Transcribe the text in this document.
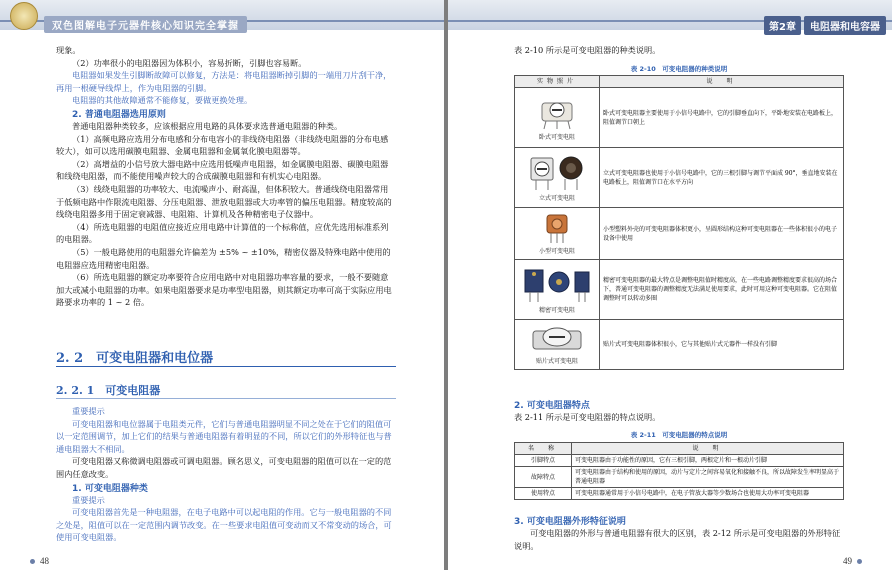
双色图解电子元器件核心知识完全掌握

现象。

（2）功率很小的电阻器因为体积小，容易折断，引脚也容易断。

电阻器如果发生引脚断故障可以修复，方法是：将电阻器断掉引脚的一端用刀片刮干净，再用一根硬导线焊上，作为电阻器的引脚。

电阻器的其他故障通常不能修复，要做更换处理。

2. 普通电阻器选用原则

普通电阻器种类较多，应该根据应用电路的具体要求选普通电阻器的种类。

（1）高频电路应选用分布电感和分布电容小的非线绕电阻器（非线绕电阻器的分布电感较大），如可以选用碳膜电阻器、金属电阻器和金属氧化膜电阻器等。

（2）高增益的小信号放大器电路中应选用低噪声电阻器，如金属膜电阻器、碳膜电阻器和线绕电阻器，而不能使用噪声较大的合成碳膜电阻器和有机实心电阻器。

（3）线绕电阻器的功率较大、电流噪声小、耐高温，但体积较大。普通线绕电阻器常用于低频电路中作限流电阻器、分压电阻器、泄放电阻器或大功率管的偏压电阻器。精度较高的线绕电阻器多用于固定衰减器、电阻箱、计算机及各种精密电子仪器中。

（4）所选电阻器的电阻值应接近应用电路中计算值的一个标称值，应优先选用标准系列的电阻器。

（5）一般电路使用的电阻器允许偏差为 ±5% ~ ±10%，精密仪器及特殊电路中使用的电阻器应选用精密电阻器。

（6）所选电阻器的额定功率要符合应用电路中对电阻器功率容量的要求，一般不要随意加大或减小电阻器的功率。如果电阻器要求是功率型电阻器，则其额定功率可高于实际应用电路要求功率的 1 ~ 2 倍。

2. 2　可变电阻器和电位器
2. 2. 1　可变电阻器

重要提示

可变电阻器和电位器属于电阻类元件，它们与普通电阻器明显不同之处在于它们的阻值可以一定范围调节，加上它们的结果与普通电阻器有着明显的不同，所以它们的外形特征也与普通电阻器大不相同。

可变电阻器又称微调电阻器或可调电阻器。顾名思义，可变电阻器的阻值可以在一定的范围内任意改变。

1. 可变电阻器种类

重要提示

可变电阻器首先是一种电阻器，在电子电路中可以起电阻的作用。它与一般电阻器的不同之处是，阻值可以在一定范围内调节改变。在一些要求电阻值可变动而又不常变动的场合，可使用可变电阻器。

48
第2章	电阻器和电容器

表 2-10 所示是可变电阻器的种类说明。

表 2-10　可变电阻器的种类说明
实物照片	说　明

卧式可变电阻	卧式可变电阻器主要使用于小信号电路中，它的引脚垂直向下，平卧地安装在电路板上，阻值调节口朝上

立式可变电阻	立式可变电阻器也使用于小信号电路中，它的三根引脚与调节平面成 90°，垂直地安装在电路板上，阻值调节口在水平方向

小型可变电阻	小型塑料外壳的可变电阻器体积更小，呈圆形结构这种可变电阻器在一些体积很小的电子设备中使用

精密可变电阻	精密可变电阻器的最大特点是调整电阻值时精度高，在一些电路调整精度要求很高的场合下，普通可变电阻器的调整精度无法满足使用要求，此时可用这种可变电阻器。它在阻值调整时可以转动多圈

贴片式可变电阻	贴片式可变电阻器体积很小，它与其他贴片式元器件一样没有引脚

2. 可变电阻器特点

表 2-11 所示是可变电阻器的特点说明。

表 2-11　可变电阻器的特点说明
名　称	说　明
引脚特点	可变电阻器由于功能性的原因，它有三根引脚，两根定片和一根动片引脚
故障特点	可变电阻器由于结构和使用的原因，动片与定片之间容易氧化和接触不良，所以故障发生率明显高于普通电阻器
使用特点	可变电阻器通常用于小信号电路中，在电子管放大器等少数场合也使用大功率可变电阻器

3. 可变电阻器外形特征说明

可变电阻器的外形与普通电阻器有很大的区别，表 2-12 所示是可变电阻器的外形特征说明。

49
